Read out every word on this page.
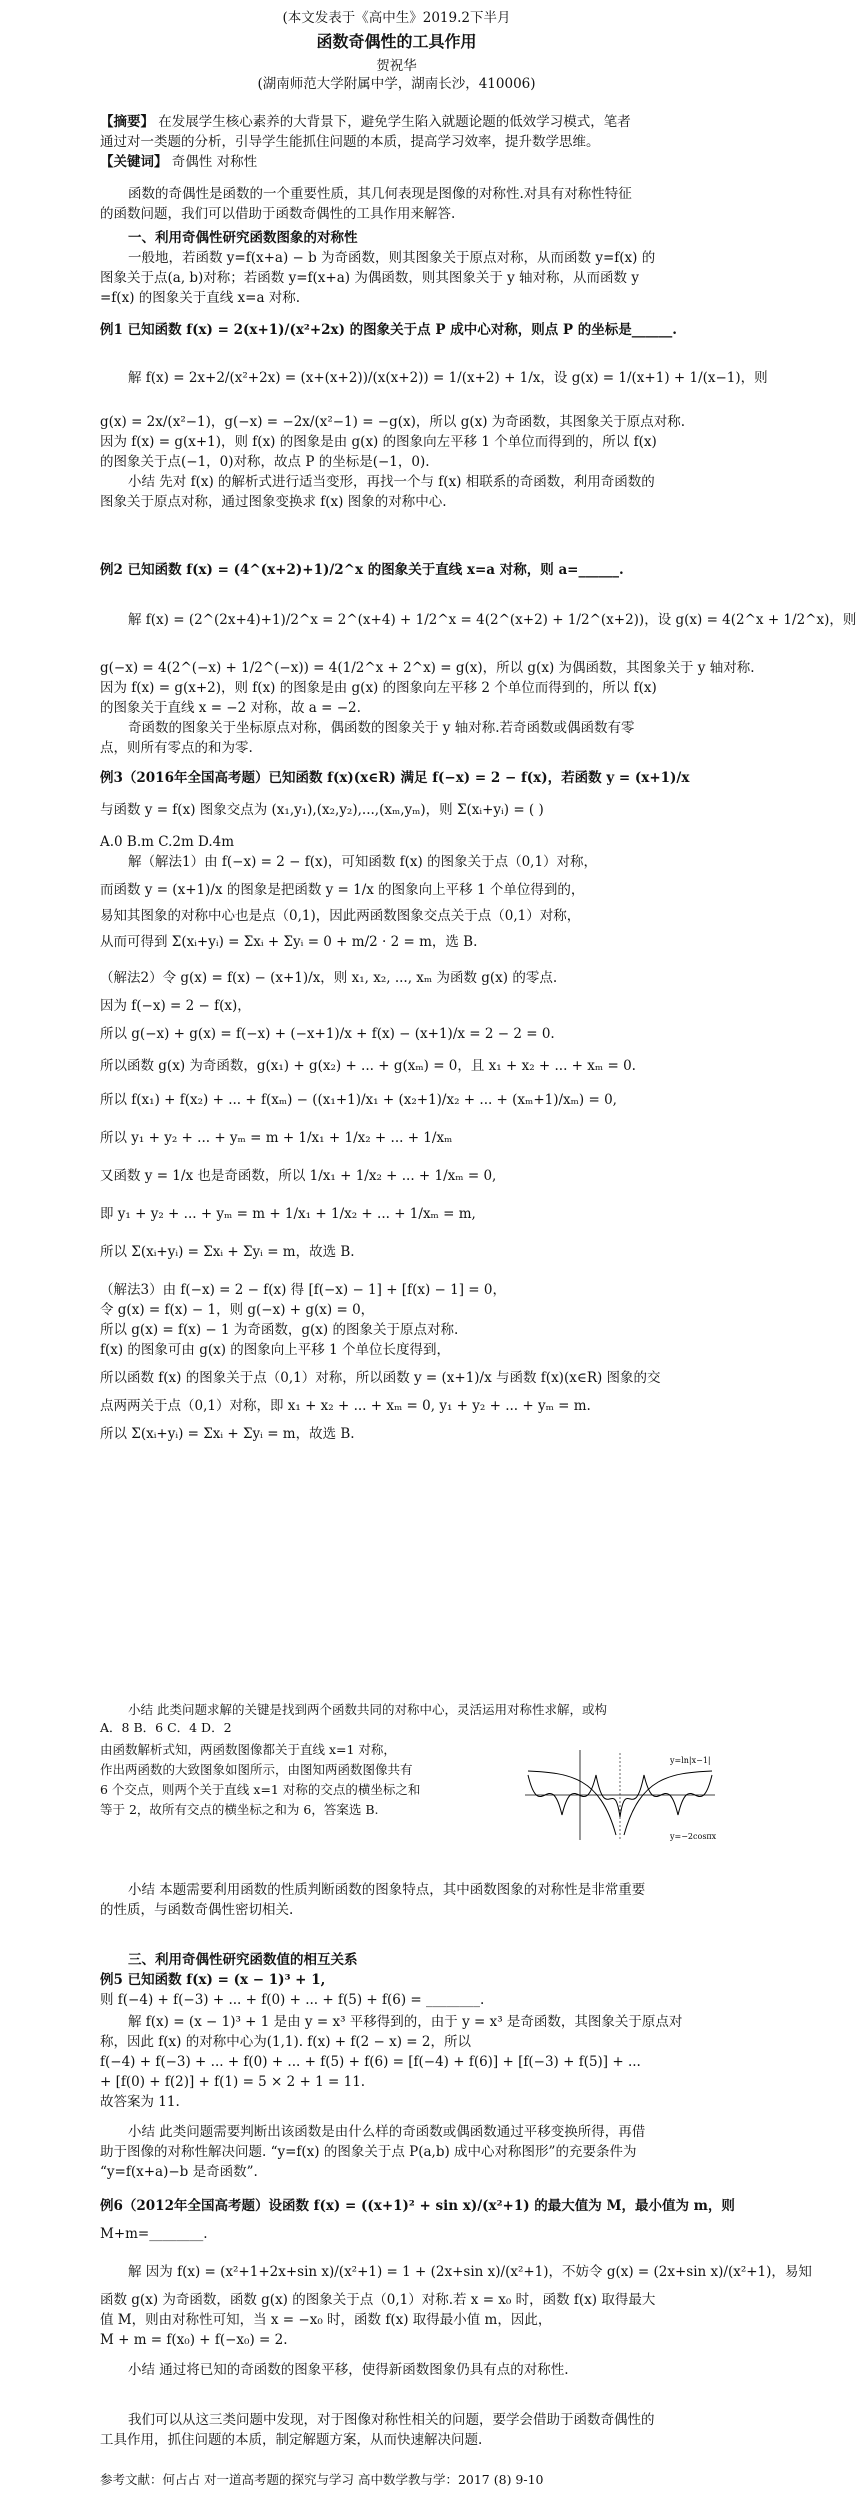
(本文发表于《高中生》2019.2下半月
函数奇偶性的工具作用
贺祝华
(湖南师范大学附属中学，湖南长沙，410006)
【摘要】 在发展学生核心素养的大背景下，避免学生陷入就题论题的低效学习模式，笔者
通过对一类题的分析，引导学生能抓住问题的本质，提高学习效率，提升数学思维。
【关键词】 奇偶性 对称性
函数的奇偶性是函数的一个重要性质，其几何表现是图像的对称性.对具有对称性特征
的函数问题，我们可以借助于函数奇偶性的工具作用来解答.
一、利用奇偶性研究函数图象的对称性
一般地，若函数 y=f(x+a) − b 为奇函数，则其图象关于原点对称，从而函数 y=f(x) 的
图象关于点(a, b)对称；若函数 y=f(x+a) 为偶函数，则其图象关于 y 轴对称，从而函数 y
=f(x) 的图象关于直线 x=a 对称.
例1 已知函数 f(x) = 2(x+1)/(x²+2x) 的图象关于点 P 成中心对称，则点 P 的坐标是______.
解 f(x) = 2x+2/(x²+2x) = (x+(x+2))/(x(x+2)) = 1/(x+2) + 1/x，设 g(x) = 1/(x+1) + 1/(x−1)，则
g(x) = 2x/(x²−1)，g(−x) = −2x/(x²−1) = −g(x)，所以 g(x) 为奇函数，其图象关于原点对称.
因为 f(x) = g(x+1)，则 f(x) 的图象是由 g(x) 的图象向左平移 1 个单位而得到的，所以 f(x)
的图象关于点(−1，0)对称，故点 P 的坐标是(−1，0).
小结 先对 f(x) 的解析式进行适当变形，再找一个与 f(x) 相联系的奇函数，利用奇函数的
图象关于原点对称，通过图象变换求 f(x) 图象的对称中心.
例2 已知函数 f(x) = (4^(x+2)+1)/2^x 的图象关于直线 x=a 对称，则 a=______.
解 f(x) = (2^(2x+4)+1)/2^x = 2^(x+4) + 1/2^x = 4(2^(x+2) + 1/2^(x+2))，设 g(x) = 4(2^x + 1/2^x)，则
g(−x) = 4(2^(−x) + 1/2^(−x)) = 4(1/2^x + 2^x) = g(x)，所以 g(x) 为偶函数，其图象关于 y 轴对称.
因为 f(x) = g(x+2)，则 f(x) 的图象是由 g(x) 的图象向左平移 2 个单位而得到的，所以 f(x)
的图象关于直线 x = −2 对称，故 a = −2.
奇函数的图象关于坐标原点对称，偶函数的图象关于 y 轴对称.若奇函数或偶函数有零
点，则所有零点的和为零.
例3（2016年全国高考题）已知函数 f(x)(x∈R) 满足 f(−x) = 2 − f(x)，若函数 y = (x+1)/x
与函数 y = f(x) 图象交点为 (x₁,y₁),(x₂,y₂),...,(xₘ,yₘ)，则 Σ(xᵢ+yᵢ) = ( )
A.0 B.m C.2m D.4m
解（解法1）由 f(−x) = 2 − f(x)，可知函数 f(x) 的图象关于点（0,1）对称，
而函数 y = (x+1)/x 的图象是把函数 y = 1/x 的图象向上平移 1 个单位得到的，
易知其图象的对称中心也是点（0,1)，因此两函数图象交点关于点（0,1）对称，
从而可得到 Σ(xᵢ+yᵢ) = Σxᵢ + Σyᵢ = 0 + m/2 · 2 = m，选 B.
（解法2）令 g(x) = f(x) − (x+1)/x，则 x₁, x₂, ..., xₘ 为函数 g(x) 的零点.
因为 f(−x) = 2 − f(x)，
所以 g(−x) + g(x) = f(−x) + (−x+1)/x + f(x) − (x+1)/x = 2 − 2 = 0.
所以函数 g(x) 为奇函数，g(x₁) + g(x₂) + ... + g(xₘ) = 0，且 x₁ + x₂ + ... + xₘ = 0.
所以 f(x₁) + f(x₂) + ... + f(xₘ) − ((x₁+1)/x₁ + (x₂+1)/x₂ + ... + (xₘ+1)/xₘ) = 0,
所以 y₁ + y₂ + ... + yₘ = m + 1/x₁ + 1/x₂ + ... + 1/xₘ
又函数 y = 1/x 也是奇函数，所以 1/x₁ + 1/x₂ + ... + 1/xₘ = 0,
即 y₁ + y₂ + ... + yₘ = m + 1/x₁ + 1/x₂ + ... + 1/xₘ = m,
所以 Σ(xᵢ+yᵢ) = Σxᵢ + Σyᵢ = m，故选 B.
（解法3）由 f(−x) = 2 − f(x) 得 [f(−x) − 1] + [f(x) − 1] = 0，
令 g(x) = f(x) − 1，则 g(−x) + g(x) = 0，
所以 g(x) = f(x) − 1 为奇函数，g(x) 的图象关于原点对称.
f(x) 的图象可由 g(x) 的图象向上平移 1 个单位长度得到，
所以函数 f(x) 的图象关于点（0,1）对称，所以函数 y = (x+1)/x 与函数 f(x)(x∈R) 图象的交
点两两关于点（0,1）对称，即 x₁ + x₂ + ... + xₘ = 0, y₁ + y₂ + ... + yₘ = m.
所以 Σ(xᵢ+yᵢ) = Σxᵢ + Σyᵢ = m，故选 B.
小结 此类问题求解的关键是找到两个函数共同的对称中心，灵活运用对称性求解，或构
A．8 B．6 C．4 D．2
由函数解析式知，两函数图像都关于直线 x=1 对称，
作出两函数的大致图象如图所示，由图知两函数图像共有
6 个交点，则两个关于直线 x=1 对称的交点的横坐标之和
等于 2，故所有交点的横坐标之和为 6，答案选 B.
y=ln|x−1|
y=−2cosπx
小结 本题需要利用函数的性质判断函数的图象特点，其中函数图象的对称性是非常重要
的性质，与函数奇偶性密切相关.
三、利用奇偶性研究函数值的相互关系
例5 已知函数 f(x) = (x − 1)³ + 1,
则 f(−4) + f(−3) + ... + f(0) + ... + f(5) + f(6) = ________.
解 f(x) = (x − 1)³ + 1 是由 y = x³ 平移得到的，由于 y = x³ 是奇函数，其图象关于原点对
称，因此 f(x) 的对称中心为(1,1). f(x) + f(2 − x) = 2，所以
f(−4) + f(−3) + ... + f(0) + ... + f(5) + f(6) = [f(−4) + f(6)] + [f(−3) + f(5)] + ...
+ [f(0) + f(2)] + f(1) = 5 × 2 + 1 = 11.
故答案为 11.
小结 此类问题需要判断出该函数是由什么样的奇函数或偶函数通过平移变换所得，再借
助于图像的对称性解决问题. “y=f(x) 的图象关于点 P(a,b) 成中心对称图形”的充要条件为
“y=f(x+a)−b 是奇函数”.
例6（2012年全国高考题）设函数 f(x) = ((x+1)² + sin x)/(x²+1) 的最大值为 M，最小值为 m，则
M+m=________.
解 因为 f(x) = (x²+1+2x+sin x)/(x²+1) = 1 + (2x+sin x)/(x²+1)，不妨令 g(x) = (2x+sin x)/(x²+1)，易知
函数 g(x) 为奇函数，函数 g(x) 的图象关于点（0,1）对称.若 x = x₀ 时，函数 f(x) 取得最大
值 M，则由对称性可知，当 x = −x₀ 时，函数 f(x) 取得最小值 m，因此，
M + m = f(x₀) + f(−x₀) = 2.
小结 通过将已知的奇函数的图象平移，使得新函数图象仍具有点的对称性.
我们可以从这三类问题中发现，对于图像对称性相关的问题，要学会借助于函数奇偶性的
工具作用，抓住问题的本质，制定解题方案，从而快速解决问题.
参考文献：何占占 对一道高考题的探究与学习 高中数学教与学：2017 (8) 9-10
